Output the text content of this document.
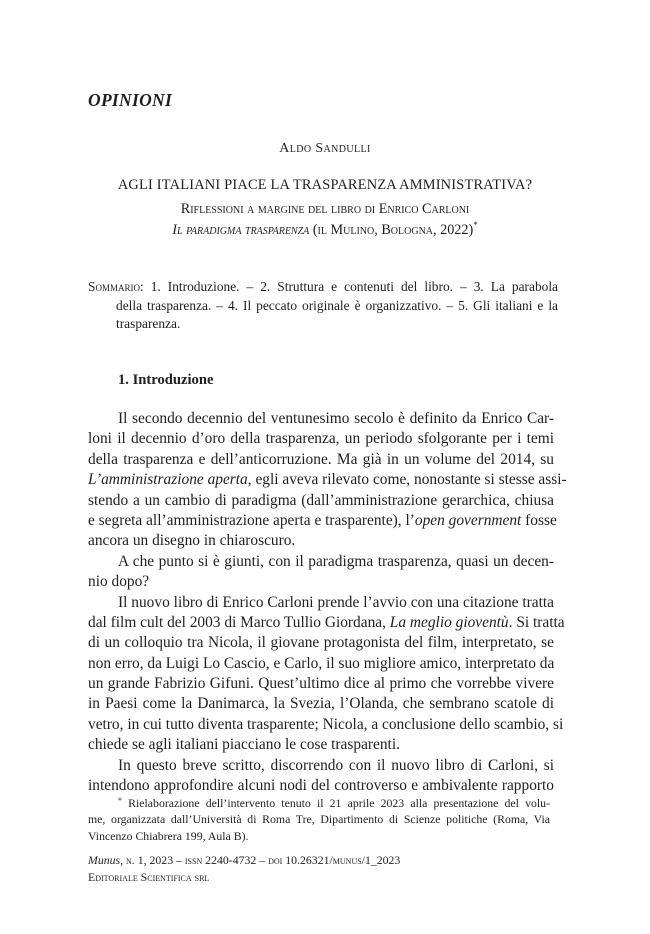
OPINIONI
Aldo Sandulli
AGLI ITALIANI PIACE LA TRASPARENZA AMMINISTRATIVA?
Riflessioni a margine del libro di Enrico Carloni
Il paradigma trasparenza (il Mulino, Bologna, 2022)*
Sommario: 1. Introduzione. – 2. Struttura e contenuti del libro. – 3. La parabola
della trasparenza. – 4. Il peccato originale è organizzativo. – 5. Gli italiani e la
trasparenza.
1. Introduzione
Il secondo decennio del ventunesimo secolo è definito da Enrico Car-
loni il decennio d’oro della trasparenza, un periodo sfolgorante per i temi
della trasparenza e dell’anticorruzione. Ma già in un volume del 2014, su
L’amministrazione aperta, egli aveva rilevato come, nonostante si stesse assi-
stendo a un cambio di paradigma (dall’amministrazione gerarchica, chiusa
e segreta all’amministrazione aperta e trasparente), l’open government fosse
ancora un disegno in chiaroscuro.
A che punto si è giunti, con il paradigma trasparenza, quasi un decen-
nio dopo?
Il nuovo libro di Enrico Carloni prende l’avvio con una citazione tratta
dal film cult del 2003 di Marco Tullio Giordana, La meglio gioventù. Si tratta
di un colloquio tra Nicola, il giovane protagonista del film, interpretato, se
non erro, da Luigi Lo Cascio, e Carlo, il suo migliore amico, interpretato da
un grande Fabrizio Gifuni. Quest’ultimo dice al primo che vorrebbe vivere
in Paesi come la Danimarca, la Svezia, l’Olanda, che sembrano scatole di
vetro, in cui tutto diventa trasparente; Nicola, a conclusione dello scambio, si
chiede se agli italiani piacciano le cose trasparenti.
In questo breve scritto, discorrendo con il nuovo libro di Carloni, si
intendono approfondire alcuni nodi del controverso e ambivalente rapporto
* Rielaborazione dell’intervento tenuto il 21 aprile 2023 alla presentazione del volu-
me, organizzata dall’Università di Roma Tre, Dipartimento di Scienze politiche (Roma, Via
Vincenzo Chiabrera 199, Aula B).
Munus, n. 1, 2023 – issn 2240-4732 – doi 10.26321/munus/1_2023
Editoriale Scientifica srl
